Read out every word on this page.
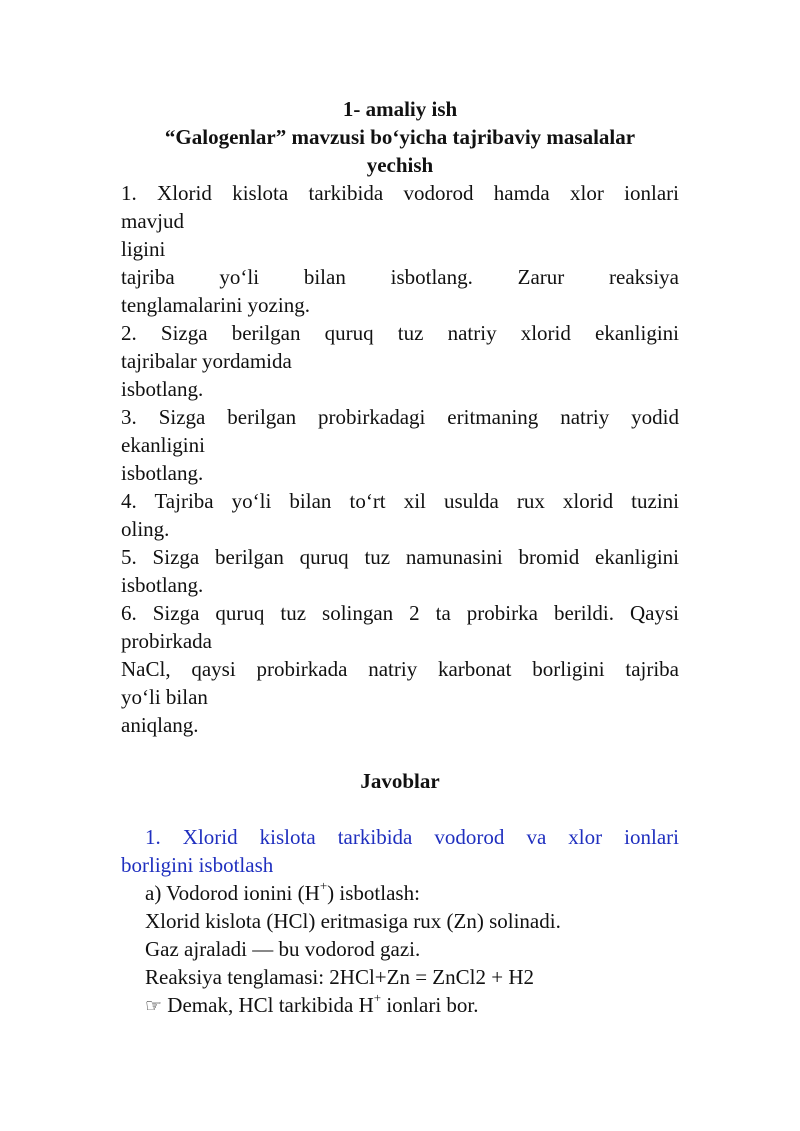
1- amaliy ish

“Galogenlar” mavzusi bo‘yicha tajribaviy masalalar

yechish

1. Xlorid kislota tarkibida vodorod hamda xlor ionlari

mavjud

ligini

tajriba yo‘li bilan isbotlang. Zarur reaksiya

tenglamalarini yozing.

2. Sizga berilgan quruq tuz natriy xlorid ekanligini

tajribalar yordamida

isbotlang.

3. Sizga berilgan probirkadagi eritmaning natriy yodid

ekanligini

isbotlang.

4. Tajriba yo‘li bilan to‘rt xil usulda rux xlorid tuzini

oling.

5. Sizga berilgan quruq tuz namunasini bromid ekanligini

isbotlang.

6. Sizga quruq tuz solingan 2 ta probirka berildi. Qaysi

probirkada

NaCl, qaysi probirkada natriy karbonat borligini tajriba

yo‘li bilan

aniqlang.

Javoblar

1. Xlorid kislota tarkibida vodorod va xlor ionlari

borligini isbotlash

a) Vodorod ionini (H+) isbotlash:

Xlorid kislota (HCl) eritmasiga rux (Zn) solinadi.

Gaz ajraladi — bu vodorod gazi.

Reaksiya tenglamasi: 2HCl+Zn = ZnCl2 + H2

☞ Demak, HCl tarkibida H+ ionlari bor.
